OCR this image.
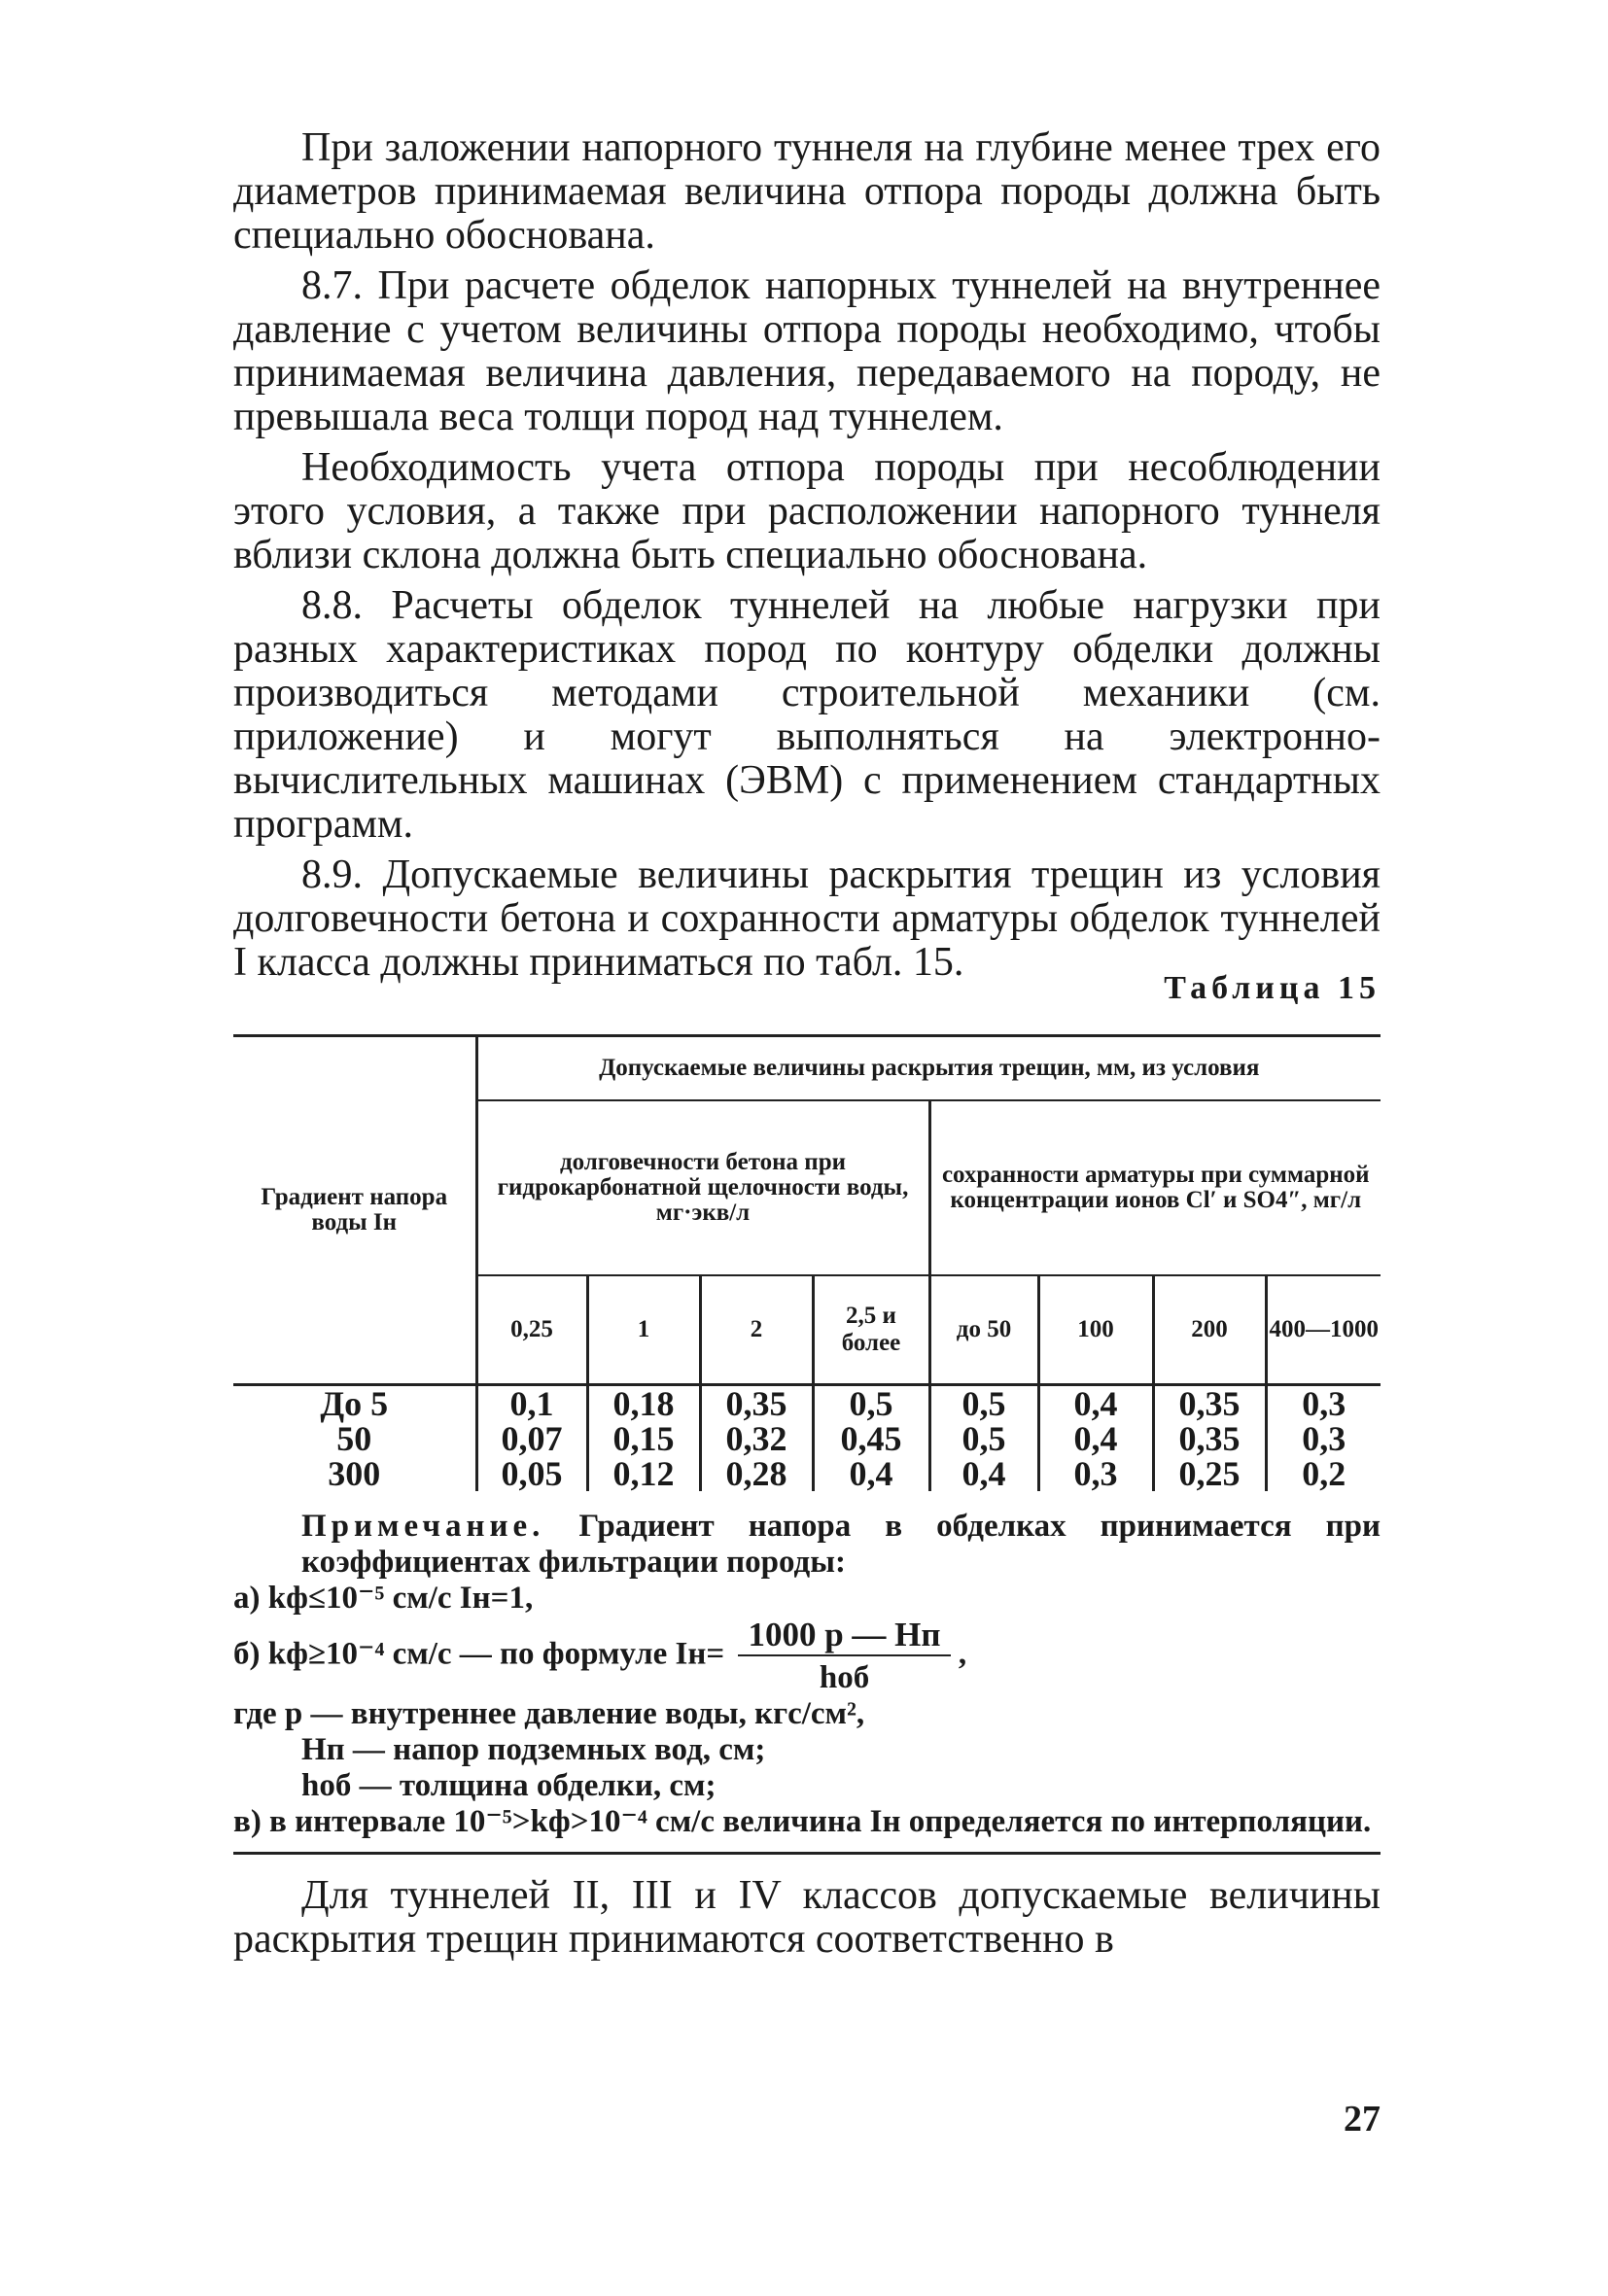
При заложении напорного туннеля на глубине менее трех его диаметров принимаемая величина отпора породы должна быть специально обоснована.

8.7. При расчете обделок напорных туннелей на внутреннее давление с учетом величины отпора породы необходимо, чтобы принимаемая величина давления, передаваемого на породу, не превышала веса толщи пород над туннелем.

Необходимость учета отпора породы при несоблюдении этого условия, а также при расположении напорного туннеля вблизи склона должна быть специально обоснована.

8.8. Расчеты обделок туннелей на любые нагрузки при разных характеристиках пород по контуру обделки должны производиться методами строительной механики (см. приложение) и могут выполняться на электронно-вычислительных машинах (ЭВМ) с применением стандартных программ.

8.9. Допускаемые величины раскрытия трещин из условия долговечности бетона и сохранности арматуры обделок туннелей I класса должны приниматься по табл. 15.

Таблица 15
Градиент напора воды Iн	Допускаемые величины раскрытия трещин, мм, из условия							
	долговечности бетона при гидрокарбонатной щелочности воды, мг·экв/л				сохранности арматуры при суммарной концентрации ионов Cl′ и SO4″, мг/л			
	0,25	1	2	2,5 и более	до 50	100	200	400—1000
До 5	0,1	0,18	0,35	0,5	0,5	0,4	0,35	0,3
50	0,07	0,15	0,32	0,45	0,5	0,4	0,35	0,3
300	0,05	0,12	0,28	0,4	0,4	0,3	0,25	0,2

Примечание. Градиент напора в обделках принимается при коэффициентах фильтрации породы:

а) kф≤10⁻⁵ см/с Iн=1,

б) kф≥10⁻⁴ см/с — по формуле $Iн= \frac{1000 p — Hп}{\text{hоб}}$ ,

где p — внутреннее давление воды, кгс/см²,

Hп — напор подземных вод, см;

hоб — толщина обделки, см;

в) в интервале 10⁻⁵>kф>10⁻⁴ см/с величина Iн определяется по интерполяции.

Для туннелей II, III и IV классов допускаемые величины раскрытия трещин принимаются соответственно в

27
